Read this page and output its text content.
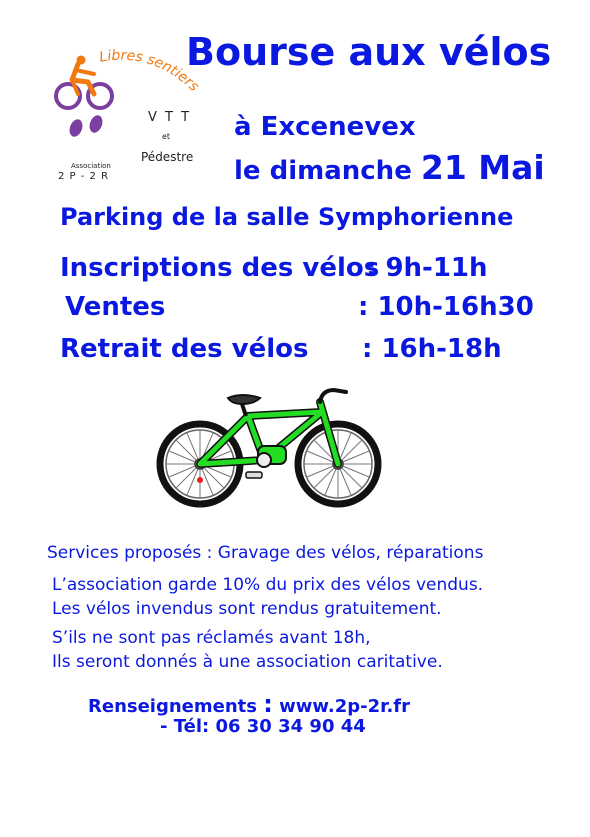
Bourse aux vélos
Libres sentiers
Association
2 P - 2 R
V T T
et
Pédestre
à Excenevex
le dimanche 21 Mai
Parking de la salle Symphorienne
Inscriptions des vélos
: 9h-11h
Ventes	: 10h-16h30
Retrait des vélos : 16h-18h
Services proposés : Gravage des vélos, réparations
L’association garde 10% du prix des vélos vendus.
Les vélos invendus sont rendus gratuitement.
S’ils ne sont pas réclamés avant 18h,
Ils seront donnés à une association caritative.
Renseignements : www.2p-2r.fr
- Tél: 06 30 34 90 44
